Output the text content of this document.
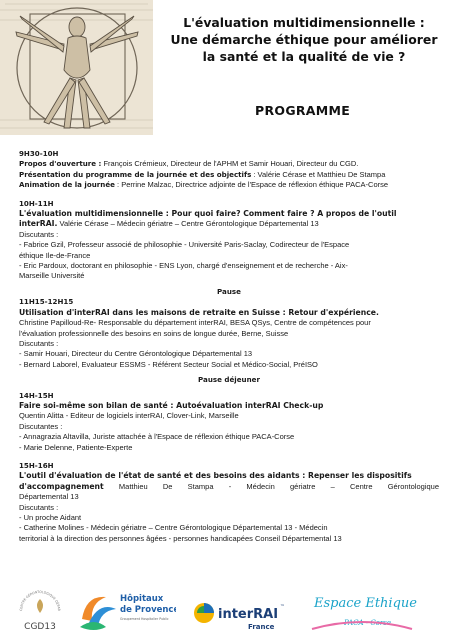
L'évaluation multidimensionnelle :
Une démarche éthique pour améliorer
la santé et la qualité de vie ?
PROGRAMME
9H30-10H
Propos d'ouverture : François Crémieux, Directeur de l'APHM et Samir Houari, Directeur du CGD.
Présentation du programme de la journée et des objectifs : Valérie Cérase et Matthieu De Stampa
Animation de la journée : Perrine Malzac, Directrice adjointe de l'Espace de réflexion éthique PACA-Corse
10H-11H
L'évaluation multidimensionnelle : Pour quoi faire? Comment faire ? A propos de l'outil
interRAI. Valérie Cérase – Médecin gériatre – Centre Gérontologique Départemental 13
Discutants :
- Fabrice Gzil, Professeur associé de philosophie - Université Paris-Saclay, Codirecteur de l'Espace
éthique Ile-de-France
- Eric Pardoux, doctorant en philosophie - ENS Lyon, chargé d'enseignement et de recherche - Aix-
Marseille Université
Pause
11H15-12H15
Utilisation d'interRAI dans les maisons de retraite en Suisse : Retour d'expérience.
Christine Papilloud-Re- Responsable du département interRAI, BESA QSys, Centre de compétences pour
l'évaluation professionnelle des besoins en soins de longue durée, Berne, Suisse
Discutants :
- Samir Houari, Directeur du Centre Gérontologique Départemental 13
- Bernard Laborel, Evaluateur ESSMS - Référent Secteur Social et Médico-Social, PréISO
Pause déjeuner
14H-15H
Faire soi-même son bilan de santé : Autoévaluation interRAI Check-up
Quentin Alitta - Editeur de logiciels interRAI, Clover-Link, Marseille
Discutantes :
- Annagrazia Altavilla, Juriste attachée à l'Espace de réflexion éthique PACA-Corse
- Marie Delenne, Patiente-Experte
15H-16H
L'outil d'évaluation de l'état de santé et des besoins des aidants : Repenser les dispositifs
d'accompagnement Matthieu De Stampa - Médecin gériatre – Centre Gérontologique
Départemental 13
Discutants :
- Un proche Aidant
- Catherine Molines - Médecin gériatre – Centre Gérontologique Départemental 13 - Médecin
territorial à la direction des personnes âgées - personnes handicapées Conseil Départemental 13
CENTRE GÉRONTOLOGIQUE DÉPAR
CGD13
Hôpitaux
de Provence
Groupement Hospitalier Public	interRAI ™
France
Espace Ethique
PACA - Corse
